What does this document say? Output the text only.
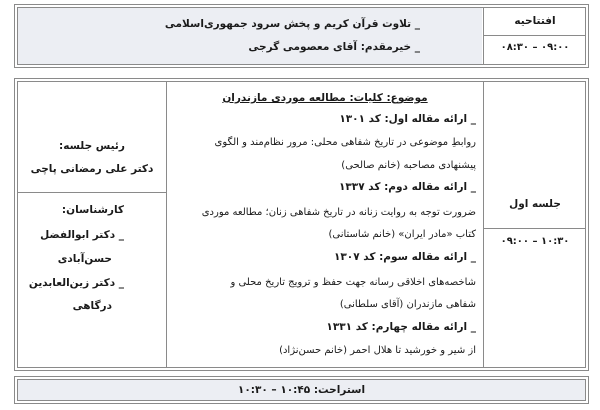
افتتاحیه
۰۹:۰۰ – ۰۸:۳۰
_ تلاوت قرآن کریم و پخش سرود جمهوری‌اسلامی
_ خیرمقدم: آقای معصومی گرجی
جلسه اول
۱۰:۳۰ – ۰۹:۰۰
موضوع: کلیات: مطالعه موردی مازندران
_ ارائه مقاله اول: کد ۱۳۰۱
روابطِ موضوعی در تاریخ شفاهی محلی: مرور نظام‌مند و الگوی
پیشنهادی مصاحبه (خانم صالحی)
_ ارائه مقاله دوم: کد ۱۳۳۷
ضرورت توجه به روایت زنانه در تاریخ شفاهی زنان؛ مطالعه موردی
کتاب «مادر ایران» (خانم شاستانی)
_ ارائه مقاله سوم: کد ۱۳۰۷
شاخصه‌های اخلاقی رسانه جهت حفظ و ترویج تاریخ محلی و
شفاهی مازندران (آقای سلطانی)
_ ارائه مقاله چهارم: کد ۱۳۳۱
از شیر و خورشید تا هلال احمر (خانم حسن‌نژاد)
رئیس جلسه:
دکتر علی رمضانی پاچی
کارشناسان:
_ دکتر ابوالفضل
حسن‌آبادی
_ دکتر زین‌العابدین
درگاهی
استراحت: ۱۰:۴۵ – ۱۰:۳۰
